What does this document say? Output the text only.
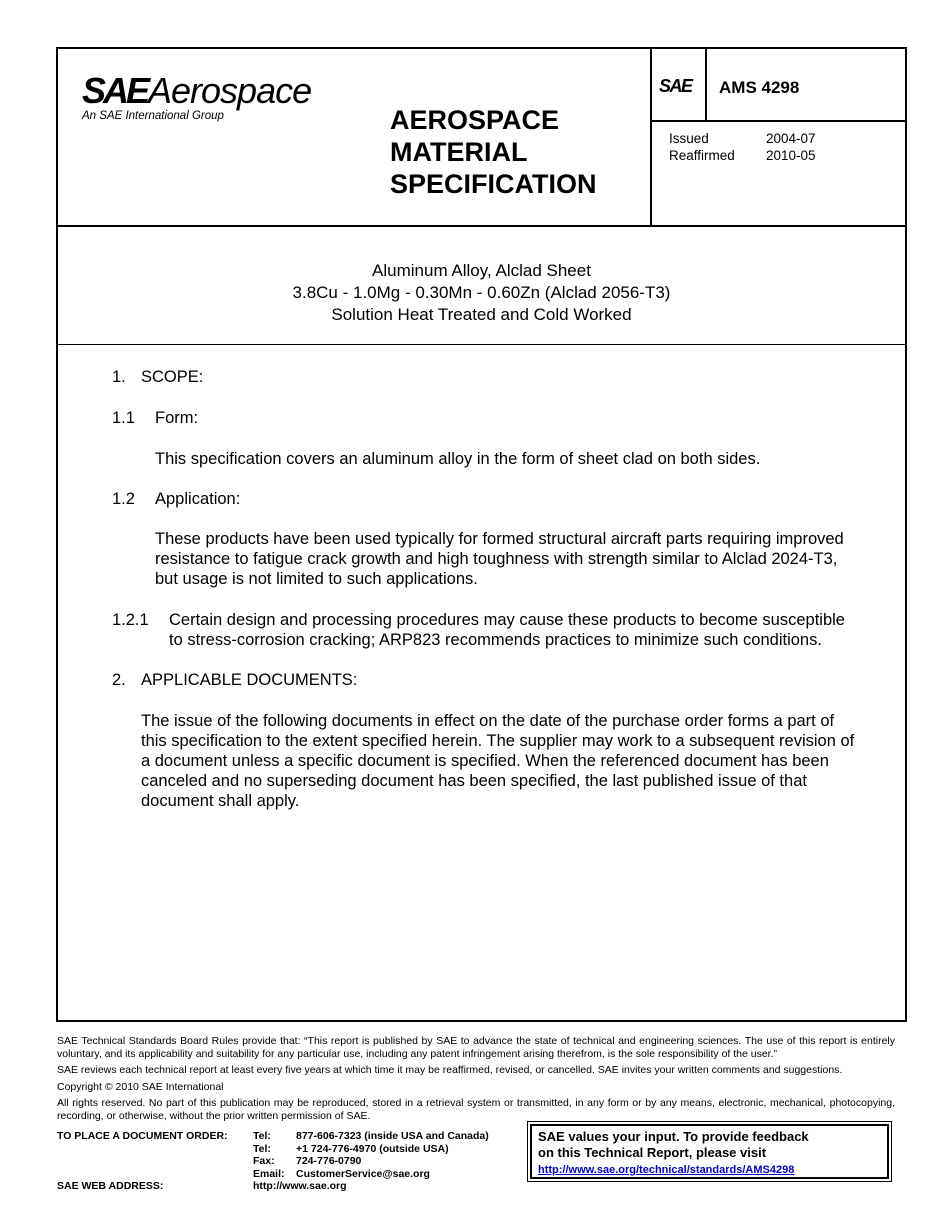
SAE Aerospace
An SAE International Group	AEROSPACE
MATERIAL
SPECIFICATION
SAE AMS 4298
Issued	2004-07
Reaffirmed	2010-05
Aluminum Alloy, Alclad Sheet
3.8Cu - 1.0Mg - 0.30Mn - 0.60Zn (Alclad 2056-T3)
Solution Heat Treated and Cold Worked
1. SCOPE:
1.1 Form:
This specification covers an aluminum alloy in the form of sheet clad on both sides.
1.2 Application:
These products have been used typically for formed structural aircraft parts requiring improved
resistance to fatigue crack growth and high toughness with strength similar to Alclad 2024-T3,
but usage is not limited to such applications.
1.2.1 Certain design and processing procedures may cause these products to become susceptible
to stress-corrosion cracking; ARP823 recommends practices to minimize such conditions.
2. APPLICABLE DOCUMENTS:
The issue of the following documents in effect on the date of the purchase order forms a part of
this specification to the extent specified herein. The supplier may work to a subsequent revision of
a document unless a specific document is specified. When the referenced document has been
canceled and no superseding document has been specified, the last published issue of that
document shall apply.
SAE Technical Standards Board Rules provide that: “This report is published by SAE to advance the state of technical and engineering sciences. The use of this report is entirely voluntary, and its applicability and suitability for any particular use, including any patent infringement arising therefrom, is the sole responsibility of the user.”
SAE reviews each technical report at least every five years at which time it may be reaffirmed, revised, or cancelled. SAE invites your written comments and suggestions.
Copyright © 2010 SAE International
All rights reserved. No part of this publication may be reproduced, stored in a retrieval system or transmitted, in any form or by any means, electronic, mechanical, photocopying, recording, or otherwise, without the prior written permission of SAE.
TO PLACE A DOCUMENT ORDER:	Tel:	877-606-7323 (inside USA and Canada)
Tel:	+1 724-776-4970 (outside USA)
Fax:	724-776-0790
Email:	CustomerService@sae.org
SAE WEB ADDRESS:	http://www.sae.org
SAE values your input. To provide feedback
on this Technical Report, please visit
http://www.sae.org/technical/standards/AMS4298
